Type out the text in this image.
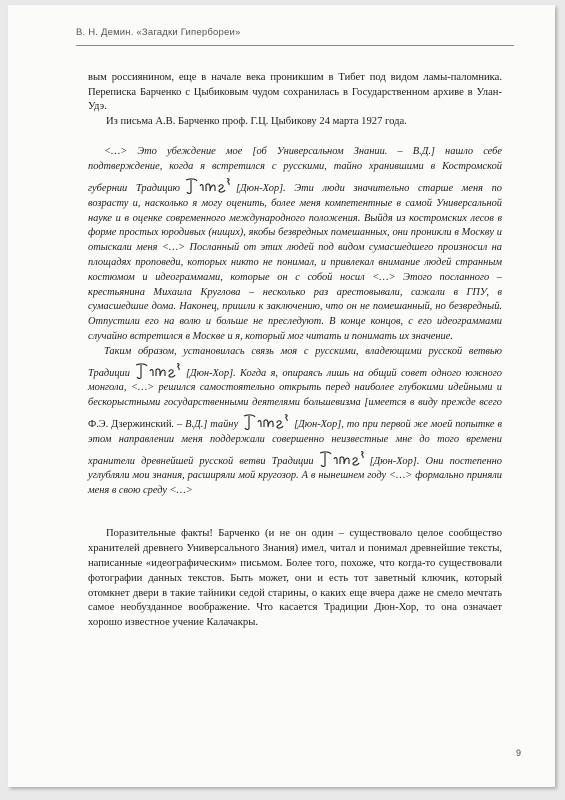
В. Н. Демин. «Загадки Гипербореи»

вым россиянином, еще в начале века проникшим в Тибет под видом ламы-паломника. Переписка Барченко с Цыбиковым чудом сохранилась в Государственном архиве в Улан-Удэ.

Из письма А.В. Барченко проф. Г.Ц. Цыбикову 24 марта 1927 года.

<…> Это убеждение мое [об Универсальном Знании. – В.Д.] нашло себе подтверждение, когда я встретился с русскими, тайно хранившими в Костромской губернии Традицию	[Дюн-Хор]. Эти люди значительно старше меня по возрасту и, насколько я могу оценить, более меня компетентные в самой Универсальной науке и в оценке современного международного положения. Выйдя из костромских лесов в форме простых юродивых (нищих), якобы безвредных помешанных, они проникли в Москву и отыскали меня <…> Посланный от этих людей под видом сумасшедшего произносил на площадях проповеди, которых никто не понимал, и привлекал внимание людей странным костюмом и идеограммами, которые он с собой носил <…> Этого посланного – крестьянина Михаила Круглова – несколько раз арестовывали, сажали в ГПУ, в сумасшедшие дома. Наконец, пришли к заключению, что он не помешанный, но безвредный. Отпустили его на волю и больше не преследуют. В конце концов, с его идеограммами случайно встретился в Москве и я, который мог читать и понимать их значение.

Таким образом, установилась связь моя с русскими, владеющими русской ветвью Традиции	[Дюн-Хор]. Когда я, опираясь лишь на общий совет одного южного монгола, <…> решился самостоятельно открыть перед наиболее глубокими идейными и бескорыстными государственными деятелями большевизма [имеется в виду прежде всего Ф.Э. Дзержинский. – В.Д.] тайну	[Дюн-Хор], то при первой же моей попытке в этом направлении меня поддержали совершенно неизвестные мне до того времени хранители древнейшей русской ветви Традиции	[Дюн-Хор]. Они постепенно углубляли мои знания, расширяли мой кругозор. А в нынешнем году <…> формально приняли меня в свою среду <…>

Поразительные факты! Барченко (и не он один – существовало целое сообщество хранителей древнего Универсального Знания) имел, читал и понимал древнейшие тексты, написанные «идеографическим» письмом. Более того, похоже, что когда-то существовали фотографии данных текстов. Быть может, они и есть тот заветный ключик, который отомкнет двери в такие тайники седой старины, о каких еще вчера даже не смело мечтать самое необузданное воображение. Что касается Традиции Дюн-Хор, то она означает хорошо известное учение Калачакры.

9
